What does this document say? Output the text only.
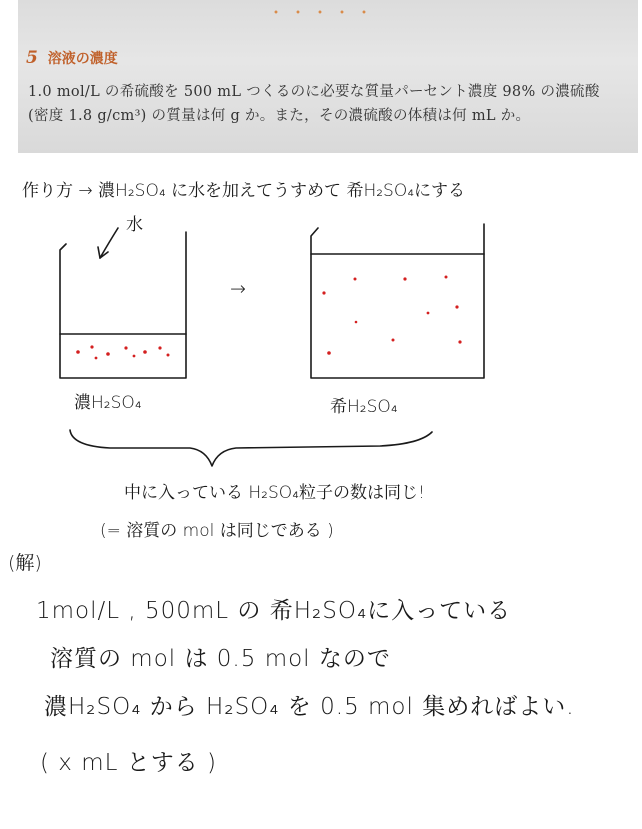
・・・・・
5 溶液の濃度
1.0 mol/L の希硫酸を 500 mL つくるのに必要な質量パーセント濃度 98% の濃硫酸
(密度 1.8 g/cm³) の質量は何 g か。また，その濃硫酸の体積は何 mL か。
作り方 → 濃H₂SO₄ に水を加えてうすめて 希H₂SO₄にする
水
→
濃H₂SO₄	希H₂SO₄
中に入っている H₂SO₄粒子の数は同じ!
(= 溶質の mol は同じである )
(解)
1mol/L , 500mL の 希H₂SO₄に入っている
溶質の mol は 0.5 mol なので
濃H₂SO₄ から H₂SO₄ を 0.5 mol 集めればよい.
( x mL とする )
